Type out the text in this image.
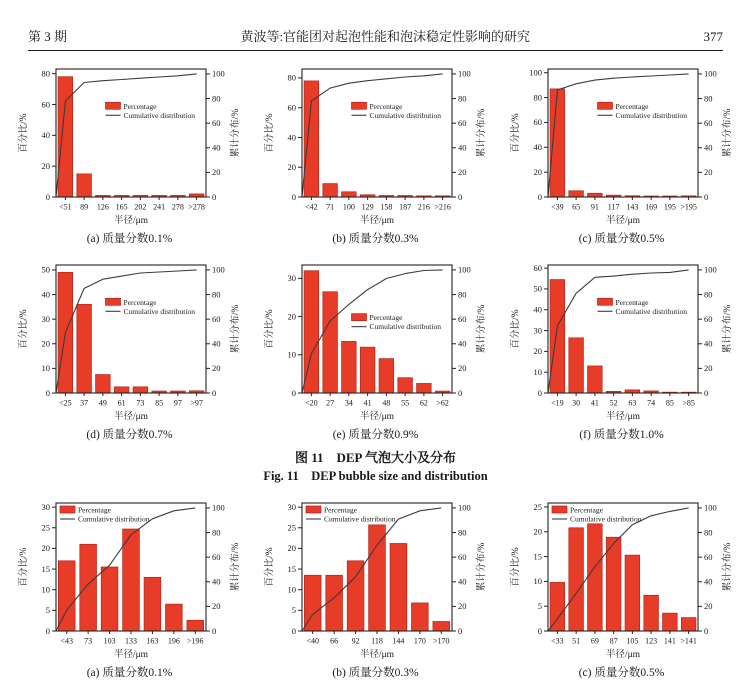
第 3 期	黄波等:官能团对起泡性能和泡沫稳定性影响的研究	377
0
20
40
60
80
0
20
40
60
80
100
<51 89 126 165 202 241 278 >278
百分比/%	累计分布/%
半径/μm
Percentage
Cumulative distribution
(a) 质量分数0.1%
0
20
40
60
80
0
20
40
60
80
100
<42 71 100 129 158 187 216 >216
百分比/%	累计分布/%
半径/μm
Percentage
Cumulative distribution
(b) 质量分数0.3%
0
20
40
60
80
100
0
20
40
60
80
100
<39 65 91 117 143 169 195 >195
百分比/%	累计分布/%
半径/μm
Percentage
Cumulative distribution
(c) 质量分数0.5%
0
10
20
30
40
50
0
20
40
60
80
100
<25 37 49 61 73 85 97 >97
百分比/%	累计分布/%
半径/μm
Percentage
Cumulative distribution
(d) 质量分数0.7%
0
10
20
30
0
20
40
60
80
100
<20 27 34 41 48 55 62 >62
百分比/%	累计分布/%
半径/μm
Percentage
Cumulative distribution
(e) 质量分数0.9%
0
10
20
30
40
50
60
0
20
40
60
80
100
<19 30 41 52 63 74 85 >85
百分比/%	累计分布/%
半径/μm
Percentage
Cumulative distribution
(f) 质量分数1.0%
图 11　DEP 气泡大小及分布
Fig. 11　DEP bubble size and distribution
0
5
10
15
20
25
30
0
20
40
60
80
100
<43 73 103 133 163 196 >196
百分比/%	累计分布/%
半径/μm
Percentage
Cumulative distribution
(a) 质量分数0.1%
0
5
10
15
20
25
30
0
20
40
60
80
100
<40 66 92 118 144 170 >170
百分比/%	累计分布/%
半径/μm
Percentage
Cumulative distribution
(b) 质量分数0.3%
0
5
10
15
20
25
0
20
40
60
80
100
<33 51 69 87 105 123 141 >141
百分比/%	累计分布/%
半径/μm
Percentage
Cumulative distribution
(c) 质量分数0.5%
